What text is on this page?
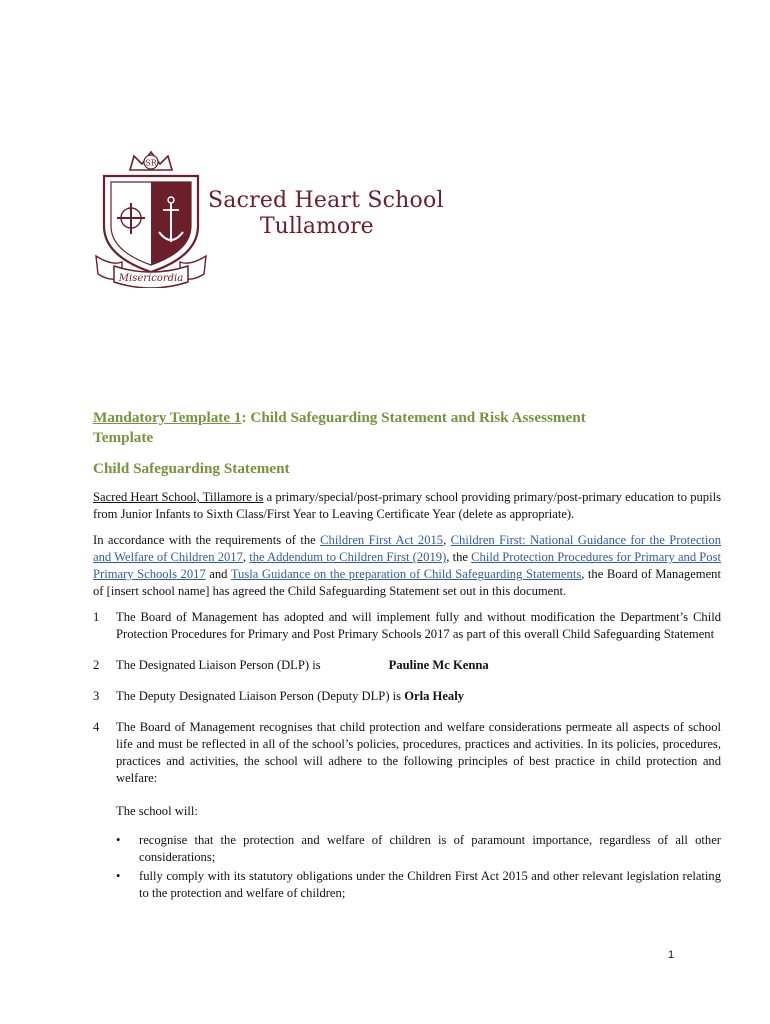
SR
Misericordia
Sacred Heart School
Tullamore

Mandatory Template 1: Child Safeguarding Statement and Risk Assessment
Template

Child Safeguarding Statement

Sacred Heart School, Tillamore is a primary/special/post-primary school providing primary/post-primary education to pupils from Junior Infants to Sixth Class/First Year to Leaving Certificate Year (delete as appropriate).

In accordance with the requirements of the Children First Act 2015, Children First: National Guidance for the Protection and Welfare of Children 2017, the Addendum to Children First (2019), the Child Protection Procedures for Primary and Post Primary Schools 2017 and Tusla Guidance on the preparation of Child Safeguarding Statements, the Board of Management of [insert school name] has agreed the Child Safeguarding Statement set out in this document.

1	The Board of Management has adopted and will implement fully and without modification the Department’s Child Protection Procedures for Primary and Post Primary Schools 2017 as part of this overall Child Safeguarding Statement
2	The Designated Liaison Person (DLP) is	Pauline Mc Kenna
3	The Deputy Designated Liaison Person (Deputy DLP) is Orla Healy
4	The Board of Management recognises that child protection and welfare considerations permeate all aspects of school life and must be reflected in all of the school’s policies, procedures, practices and activities. In its policies, procedures, practices and activities, the school will adhere to the following principles of best practice in child protection and welfare:
The school will:
• recognise that the protection and welfare of children is of paramount importance, regardless of all other considerations;
• fully comply with its statutory obligations under the Children First Act 2015 and other relevant legislation relating to the protection and welfare of children;
1
